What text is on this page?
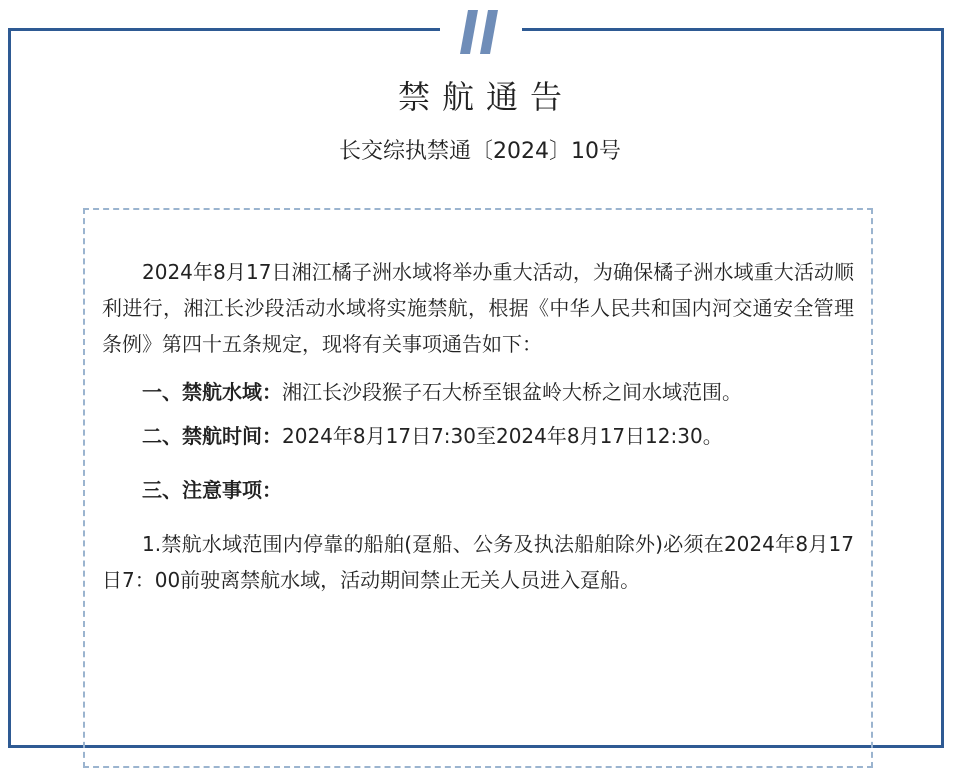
禁航通告
长交综执禁通〔2024〕10号

2024年8月17日湘江橘子洲水域将举办重大活动，为确保橘子洲水域重大活动顺利进行，湘江长沙段活动水域将实施禁航，根据《中华人民共和国内河交通安全管理条例》第四十五条规定，现将有关事项通告如下：

一、禁航水域：湘江长沙段猴子石大桥至银盆岭大桥之间水域范围。

二、禁航时间：2024年8月17日7:30至2024年8月17日12:30。

三、注意事项：

1.禁航水域范围内停靠的船舶(趸船、公务及执法船舶除外)必须在2024年8月17日7：00前驶离禁航水域，活动期间禁止无关人员进入趸船。
